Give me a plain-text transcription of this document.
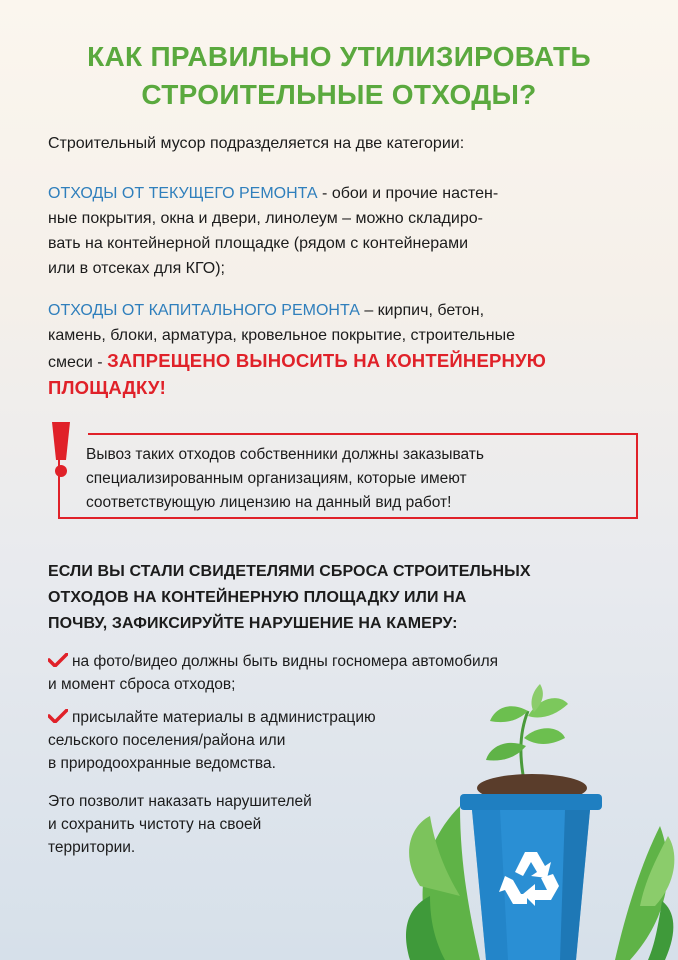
КАК ПРАВИЛЬНО УТИЛИЗИРОВАТЬ
СТРОИТЕЛЬНЫЕ ОТХОДЫ?
Строительный мусор подразделяется на две категории:
ОТХОДЫ ОТ ТЕКУЩЕГО РЕМОНТА - обои и прочие настен-
ные покрытия, окна и двери, линолеум – можно складиро-
вать на контейнерной площадке (рядом с контейнерами
или в отсеках для КГО);
ОТХОДЫ ОТ КАПИТАЛЬНОГО РЕМОНТА – кирпич, бетон,
камень, блоки, арматура, кровельное покрытие, строительные
смеси - ЗАПРЕЩЕНО ВЫНОСИТЬ НА КОНТЕЙНЕРНУЮ
ПЛОЩАДКУ!
Вывоз таких отходов собственники должны заказывать
специализированным организациям, которые имеют
соответствующую лицензию на данный вид работ!
ЕСЛИ ВЫ СТАЛИ СВИДЕТЕЛЯМИ СБРОСА СТРОИТЕЛЬНЫХ
ОТХОДОВ НА КОНТЕЙНЕРНУЮ ПЛОЩАДКУ ИЛИ НА
ПОЧВУ, ЗАФИКСИРУЙТЕ НАРУШЕНИЕ НА КАМЕРУ:
на фото/видео должны быть видны госномера автомобиля
и момент сброса отходов;
присылайте материалы в администрацию
сельского поселения/района или
в природоохранные ведомства.
Это позволит наказать нарушителей
и сохранить чистоту на своей
территории.
